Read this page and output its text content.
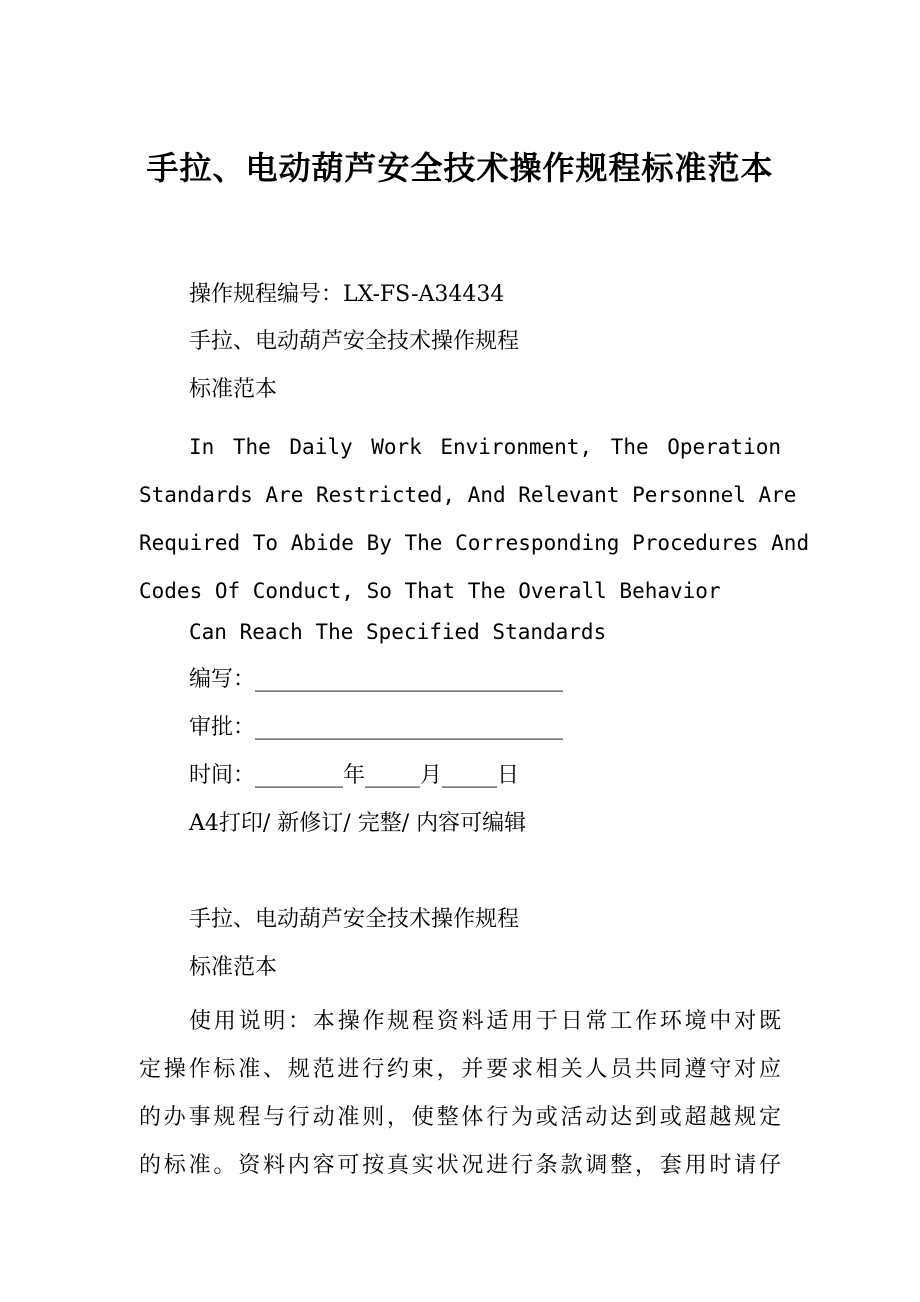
手拉、电动葫芦安全技术操作规程标准范本
操作规程编号：LX-FS-A34434
手拉、电动葫芦安全技术操作规程
标准范本
In The Daily Work Environment, The Operation
Standards Are Restricted, And Relevant Personnel Are
Required To Abide By The Corresponding Procedures And
Codes Of Conduct, So That The Overall Behavior
Can Reach The Specified Standards
编写：____________________________
审批：____________________________
时间：________年_____月_____日
A4打印/ 新修订/ 完整/ 内容可编辑
手拉、电动葫芦安全技术操作规程
标准范本
使用说明：本操作规程资料适用于日常工作环境中对既
定操作标准、规范进行约束，并要求相关人员共同遵守对应
的办事规程与行动准则，使整体行为或活动达到或超越规定
的标准。资料内容可按真实状况进行条款调整，套用时请仔
